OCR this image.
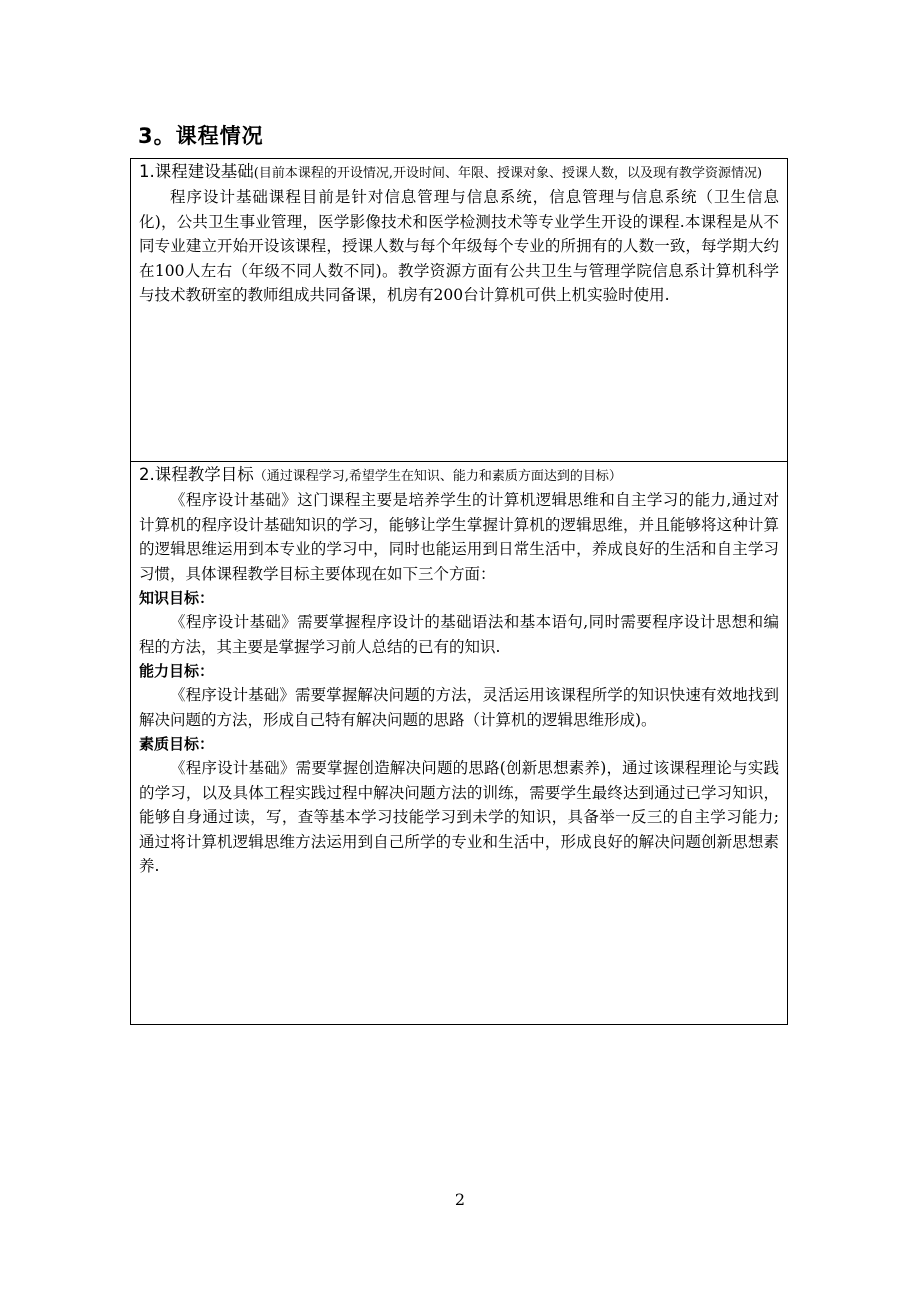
3。课程情况
1.课程建设基础(目前本课程的开设情况,开设时间、年限、授课对象、授课人数，以及现有教学资源情况)

程序设计基础课程目前是针对信息管理与信息系统，信息管理与信息系统（卫生信息化)，公共卫生事业管理，医学影像技术和医学检测技术等专业学生开设的课程.本课程是从不同专业建立开始开设该课程，授课人数与每个年级每个专业的所拥有的人数一致，每学期大约在100人左右（年级不同人数不同)。教学资源方面有公共卫生与管理学院信息系计算机科学与技术教研室的教师组成共同备课，机房有200台计算机可供上机实验时使用.

2.课程教学目标（通过课程学习,希望学生在知识、能力和素质方面达到的目标）

《程序设计基础》这门课程主要是培养学生的计算机逻辑思维和自主学习的能力,通过对计算机的程序设计基础知识的学习，能够让学生掌握计算机的逻辑思维，并且能够将这种计算的逻辑思维运用到本专业的学习中，同时也能运用到日常生活中，养成良好的生活和自主学习习惯，具体课程教学目标主要体现在如下三个方面：

知识目标：

《程序设计基础》需要掌握程序设计的基础语法和基本语句,同时需要程序设计思想和编程的方法，其主要是掌握学习前人总结的已有的知识.

能力目标：

《程序设计基础》需要掌握解决问题的方法，灵活运用该课程所学的知识快速有效地找到解决问题的方法，形成自己特有解决问题的思路（计算机的逻辑思维形成)。

素质目标：

《程序设计基础》需要掌握创造解决问题的思路(创新思想素养)，通过该课程理论与实践的学习，以及具体工程实践过程中解决问题方法的训练，需要学生最终达到通过已学习知识，能够自身通过读，写，查等基本学习技能学习到未学的知识，具备举一反三的自主学习能力;通过将计算机逻辑思维方法运用到自己所学的专业和生活中，形成良好的解决问题创新思想素养.

2
